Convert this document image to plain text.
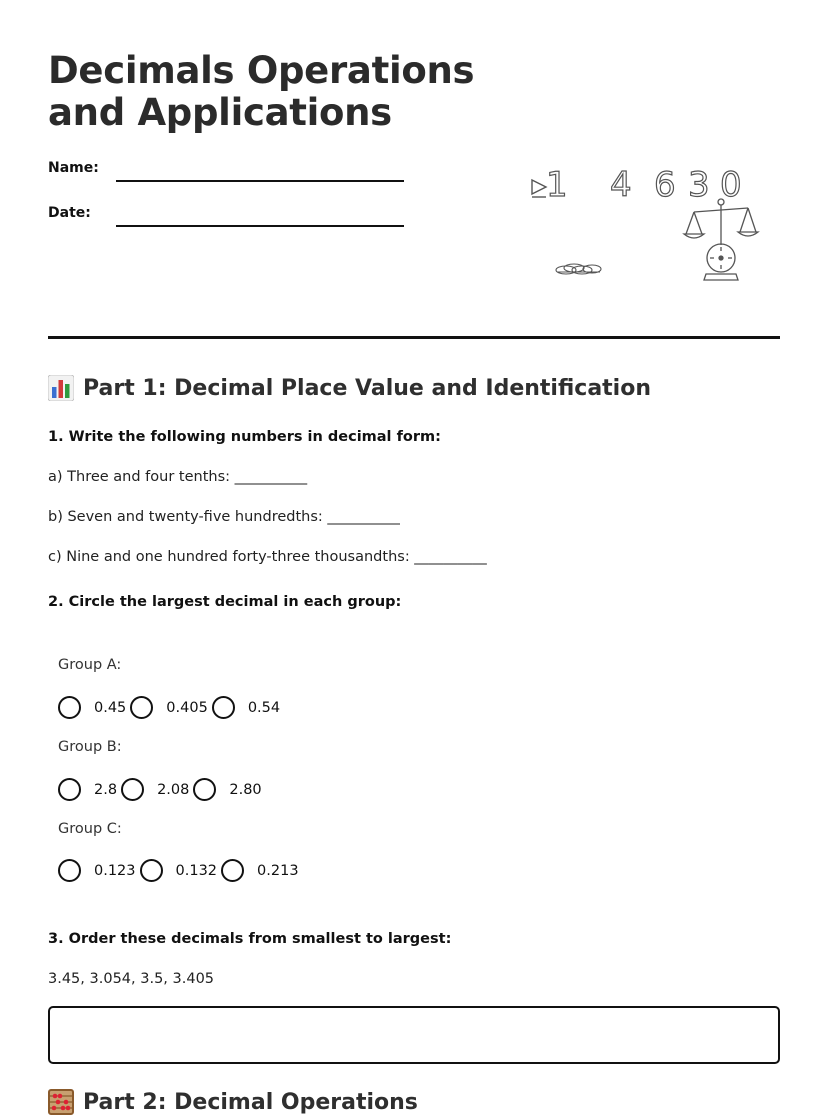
Decimals Operations
and Applications
Name:
Date:
1 4 6 3 0
Part 1: Decimal Place Value and Identification
1. Write the following numbers in decimal form:
a) Three and four tenths: __________
b) Seven and twenty-five hundredths: __________
c) Nine and one hundred forty-three thousandths: __________
2. Circle the largest decimal in each group:
Group A:
0.45	0.405	0.54
Group B:
2.8	2.08	2.80
Group C:
0.123	0.132	0.213
3. Order these decimals from smallest to largest:
3.45, 3.054, 3.5, 3.405
Part 2: Decimal Operations
